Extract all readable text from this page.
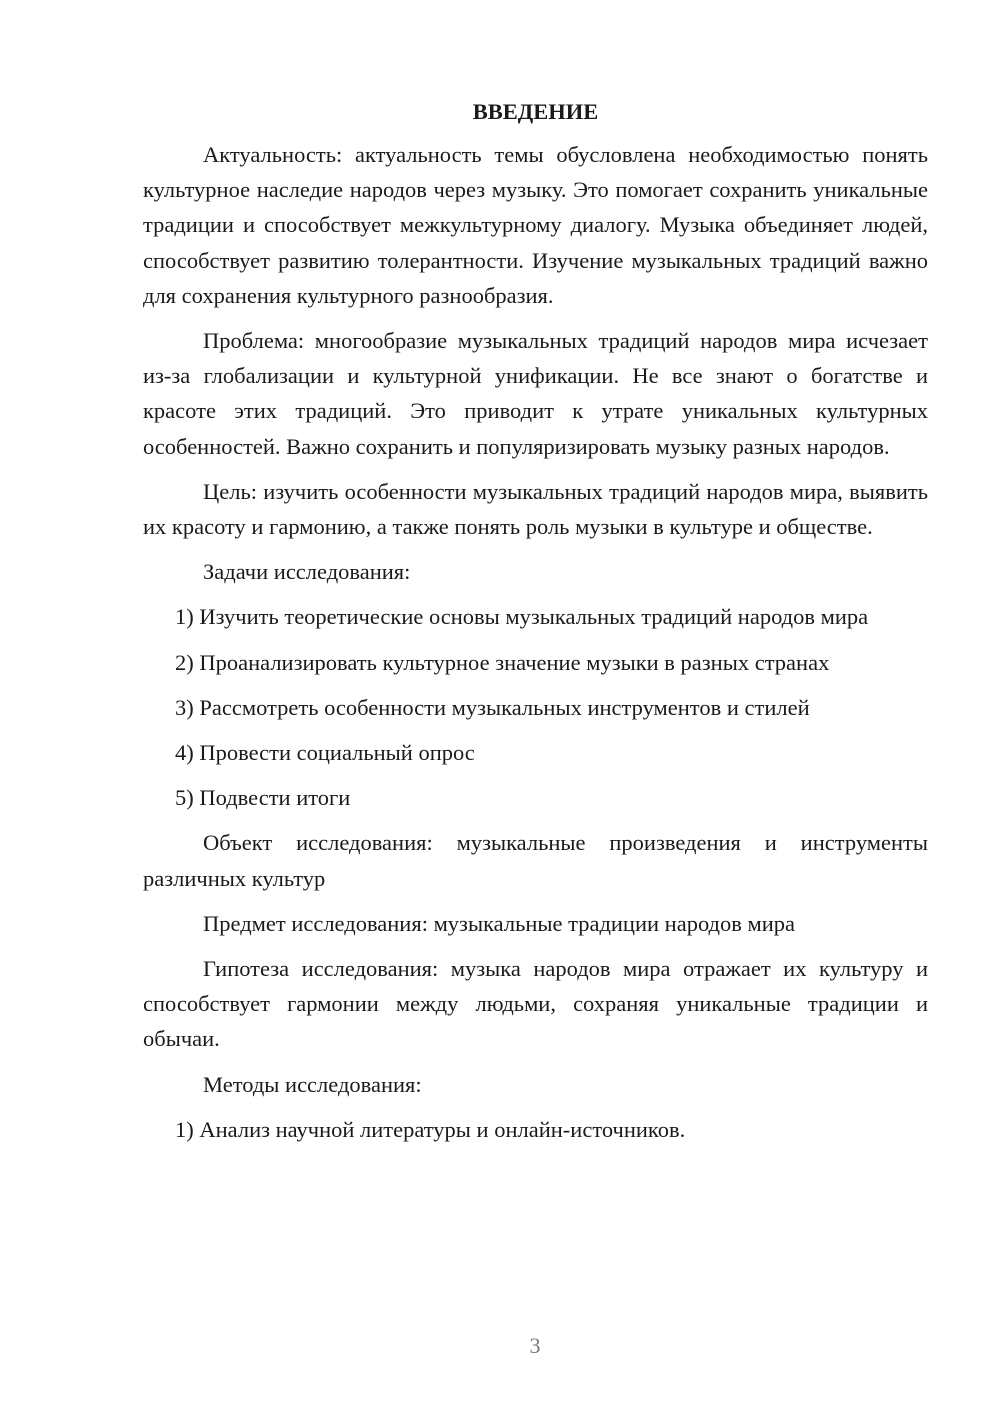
ВВЕДЕНИЕ
Актуальность: актуальность темы обусловлена необходимостью понять культурное наследие народов через музыку. Это помогает сохранить уникальные традиции и способствует межкультурному диалогу. Музыка объединяет людей, способствует развитию толерантности. Изучение музыкальных традиций важно для сохранения культурного разнообразия.
Проблема: многообразие музыкальных традиций народов мира исчезает из-за глобализации и культурной унификации. Не все знают о богатстве и красоте этих традиций. Это приводит к утрате уникальных культурных особенностей. Важно сохранить и популяризировать музыку разных народов.
Цель: изучить особенности музыкальных традиций народов мира, выявить их красоту и гармонию, а также понять роль музыки в культуре и обществе.
Задачи исследования:
1) Изучить теоретические основы музыкальных традиций народов мира
2) Проанализировать культурное значение музыки в разных странах
3) Рассмотреть особенности музыкальных инструментов и стилей
4) Провести социальный опрос
5) Подвести итоги
Объект исследования: музыкальные произведения и инструменты различных культур
Предмет исследования: музыкальные традиции народов мира
Гипотеза исследования: музыка народов мира отражает их культуру и способствует гармонии между людьми, сохраняя уникальные традиции и обычаи.
Методы исследования:
1) Анализ научной литературы и онлайн-источников.
3
